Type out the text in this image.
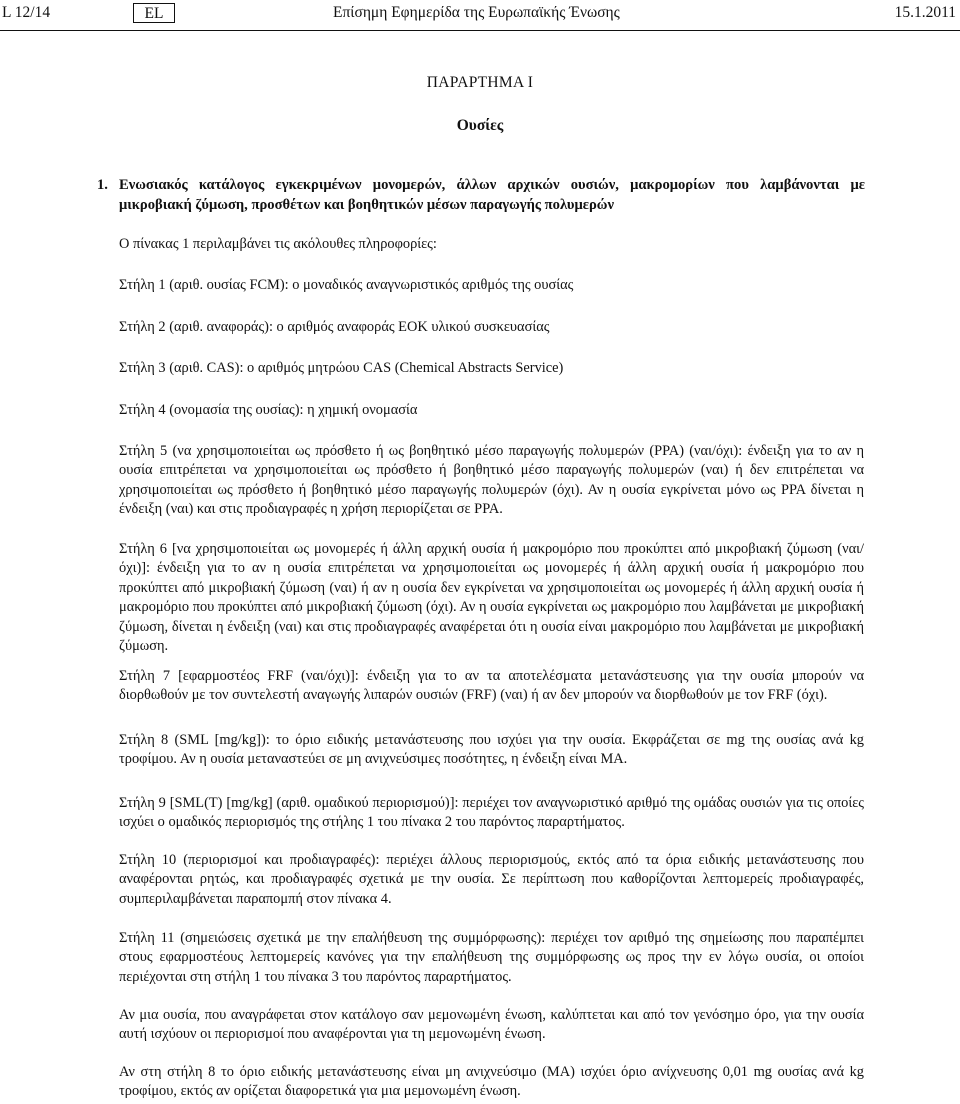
L 12/14	EL	Επίσημη Εφημερίδα της Ευρωπαϊκής Ένωσης	15.1.2011
ΠΑΡΑΡΤΗΜΑ I
Ουσίες
1. Ενωσιακός κατάλογος εγκεκριμένων μονομερών, άλλων αρχικών ουσιών, μακρομορίων που λαμβάνονται με μικροβιακή ζύμωση, προσθέτων και βοηθητικών μέσων παραγωγής πολυμερών

Ο πίνακας 1 περιλαμβάνει τις ακόλουθες πληροφορίες:

Στήλη 1 (αριθ. ουσίας FCM): ο μοναδικός αναγνωριστικός αριθμός της ουσίας

Στήλη 2 (αριθ. αναφοράς): ο αριθμός αναφοράς ΕΟΚ υλικού συσκευασίας

Στήλη 3 (αριθ. CAS): ο αριθμός μητρώου CAS (Chemical Abstracts Service)

Στήλη 4 (ονομασία της ουσίας): η χημική ονομασία

Στήλη 5 (να χρησιμοποιείται ως πρόσθετο ή ως βοηθητικό μέσο παραγωγής πολυμερών (PPA) (ναι/όχι): ένδειξη για το αν η ουσία επιτρέπεται να χρησιμοποιείται ως πρόσθετο ή βοηθητικό μέσο παραγωγής πολυμερών (ναι) ή δεν επιτρέπεται να χρησιμοποιείται ως πρόσθετο ή βοηθητικό μέσο παραγωγής πολυμερών (όχι). Αν η ουσία εγκρίνεται μόνο ως PPA δίνεται η ένδειξη (ναι) και στις προδιαγραφές η χρήση περιορίζεται σε PPA.

Στήλη 6 [να χρησιμοποιείται ως μονομερές ή άλλη αρχική ουσία ή μακρομόριο που προκύπτει από μικροβιακή ζύμωση (ναι/όχι)]: ένδειξη για το αν η ουσία επιτρέπεται να χρησιμοποιείται ως μονομερές ή άλλη αρχική ουσία ή μακρομόριο που προκύπτει από μικροβιακή ζύμωση (ναι) ή αν η ουσία δεν εγκρίνεται να χρησιμοποιείται ως μονομερές ή άλλη αρχική ουσία ή μακρομόριο που προκύπτει από μικροβιακή ζύμωση (όχι). Αν η ουσία εγκρίνεται ως μακρομόριο που λαμβάνεται με μικροβιακή ζύμωση, δίνεται η ένδειξη (ναι) και στις προδιαγραφές αναφέρεται ότι η ουσία είναι μακρομόριο που λαμβάνεται με μικροβιακή ζύμωση.

Στήλη 7 [εφαρμοστέος FRF (ναι/όχι)]: ένδειξη για το αν τα αποτελέσματα μετανάστευσης για την ουσία μπορούν να διορθωθούν με τον συντελεστή αναγωγής λιπαρών ουσιών (FRF) (ναι) ή αν δεν μπορούν να διορθωθούν με τον FRF (όχι).

Στήλη 8 (SML [mg/kg]): το όριο ειδικής μετανάστευσης που ισχύει για την ουσία. Εκφράζεται σε mg της ουσίας ανά kg τροφίμου. Αν η ουσία μεταναστεύει σε μη ανιχνεύσιμες ποσότητες, η ένδειξη είναι ΜΑ.

Στήλη 9 [SML(T) [mg/kg] (αριθ. ομαδικού περιορισμού)]: περιέχει τον αναγνωριστικό αριθμό της ομάδας ουσιών για τις οποίες ισχύει ο ομαδικός περιορισμός της στήλης 1 του πίνακα 2 του παρόντος παραρτήματος.

Στήλη 10 (περιορισμοί και προδιαγραφές): περιέχει άλλους περιορισμούς, εκτός από τα όρια ειδικής μετανάστευσης που αναφέρονται ρητώς, και προδιαγραφές σχετικά με την ουσία. Σε περίπτωση που καθορίζονται λεπτομερείς προδιαγραφές, συμπεριλαμβάνεται παραπομπή στον πίνακα 4.

Στήλη 11 (σημειώσεις σχετικά με την επαλήθευση της συμμόρφωσης): περιέχει τον αριθμό της σημείωσης που παραπέμπει στους εφαρμοστέους λεπτομερείς κανόνες για την επαλήθευση της συμμόρφωσης ως προς την εν λόγω ουσία, οι οποίοι περιέχονται στη στήλη 1 του πίνακα 3 του παρόντος παραρτήματος.

Αν μια ουσία, που αναγράφεται στον κατάλογο σαν μεμονωμένη ένωση, καλύπτεται και από τον γενόσημο όρο, για την ουσία αυτή ισχύουν οι περιορισμοί που αναφέρονται για τη μεμονωμένη ένωση.

Αν στη στήλη 8 το όριο ειδικής μετανάστευσης είναι μη ανιχνεύσιμο (ΜΑ) ισχύει όριο ανίχνευσης 0,01 mg ουσίας ανά kg τροφίμου, εκτός αν ορίζεται διαφορετικά για μια μεμονωμένη ένωση.
